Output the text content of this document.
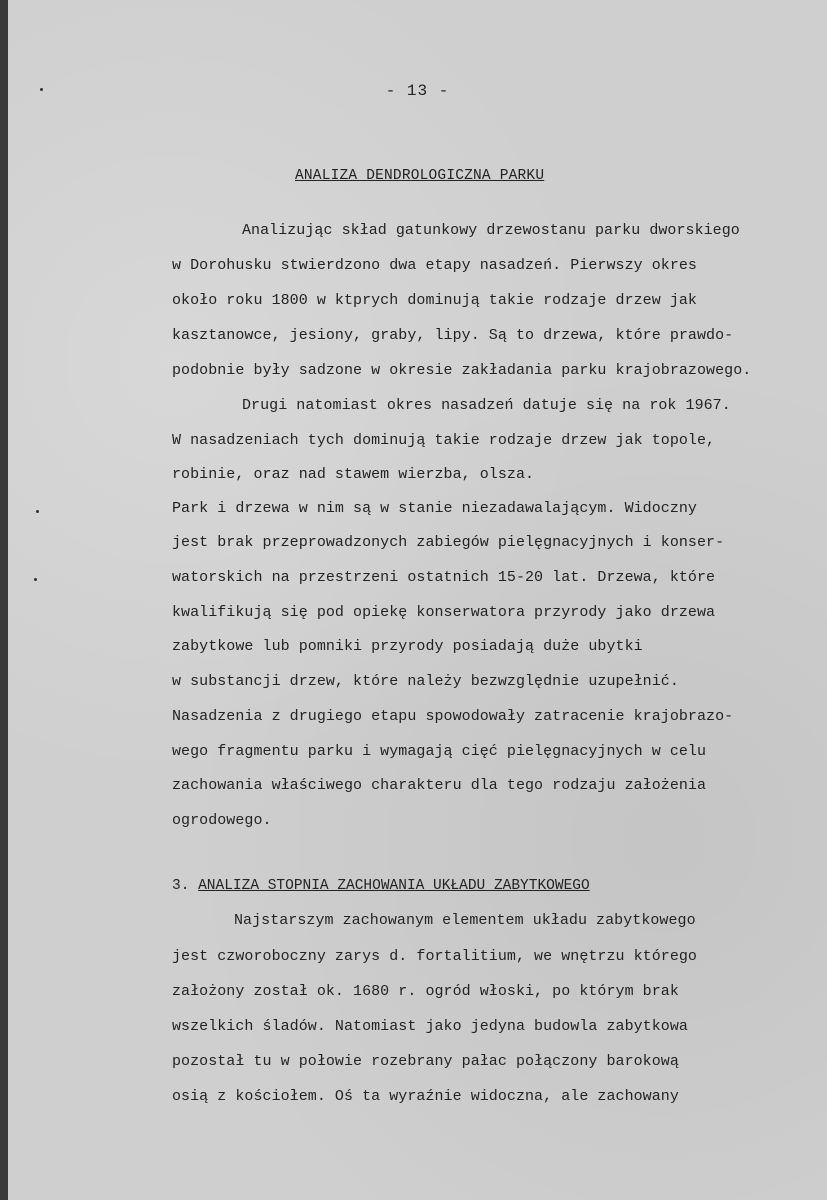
- 13 -
ANALIZA DENDROLOGICZNA PARKU
Analizując skład gatunkowy drzewostanu parku dworskiego
w Dorohusku stwierdzono dwa etapy nasadzeń. Pierwszy okres
około roku 1800 w ktprych dominują takie rodzaje drzew jak
kasztanowce, jesiony, graby, lipy. Są to drzewa, które prawdo-
podobnie były sadzone w okresie zakładania parku krajobrazowego.
Drugi natomiast okres nasadzeń datuje się na rok 1967.
W nasadzeniach tych dominują takie rodzaje drzew jak topole,
robinie, oraz nad stawem wierzba, olsza.
Park i drzewa w nim są w stanie niezadawalającym. Widoczny
jest brak przeprowadzonych zabiegów pielęgnacyjnych i konser-
watorskich na przestrzeni ostatnich 15-20 lat. Drzewa, które
kwalifikują się pod opiekę konserwatora przyrody jako drzewa
zabytkowe lub pomniki przyrody posiadają duże ubytki
w substancji drzew, które należy bezwzględnie uzupełnić.
Nasadzenia z drugiego etapu spowodowały zatracenie krajobrazo-
wego fragmentu parku i wymagają cięć pielęgnacyjnych w celu
zachowania właściwego charakteru dla tego rodzaju założenia
ogrodowego.
3. ANALIZA STOPNIA ZACHOWANIA UKŁADU ZABYTKOWEGO
Najstarszym zachowanym elementem układu zabytkowego
jest czworoboczny zarys d. fortalitium, we wnętrzu którego
założony został ok. 1680 r. ogród włoski, po którym brak
wszelkich śladów. Natomiast jako jedyna budowla zabytkowa
pozostał tu w połowie rozebrany pałac połączony barokową
osią z kościołem. Oś ta wyraźnie widoczna, ale zachowany
